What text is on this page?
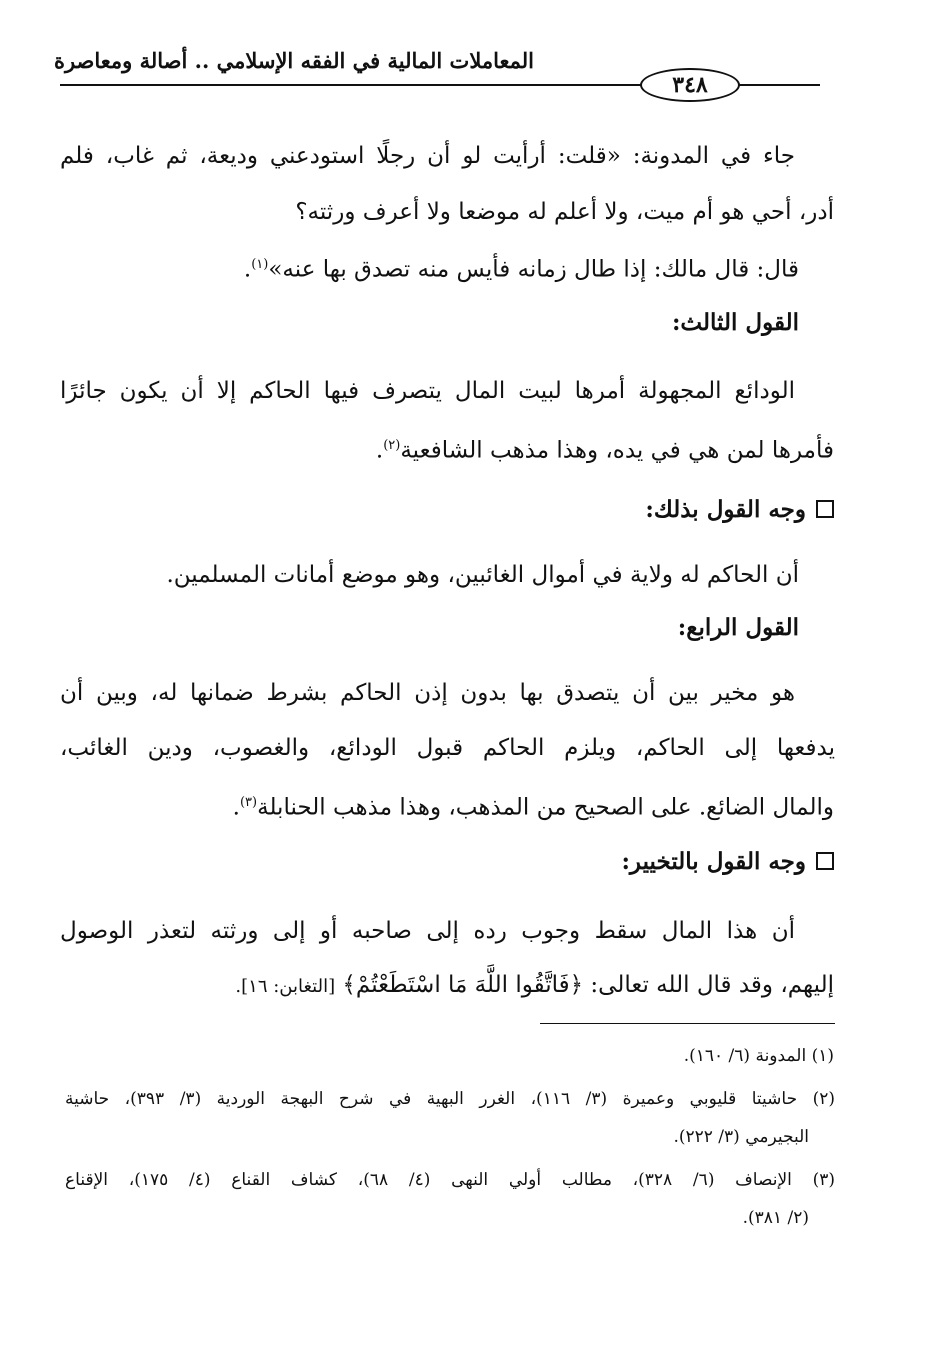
المعاملات المالية في الفقه الإسلامي .. أصالة ومعاصرة
٣٤٨
جاء في المدونة: «قلت: أرأيت لو أن رجلًا استودعني وديعة، ثم غاب، فلم
أدر، أحي هو أم ميت، ولا أعلم له موضعا ولا أعرف ورثته؟
قال: قال مالك: إذا طال زمانه فأيس منه تصدق بها عنه»$^{(١)}$.
القول الثالث:
الودائع المجهولة أمرها لبيت المال يتصرف فيها الحاكم إلا أن يكون جائرًا
فأمرها لمن هي في يده، وهذا مذهب الشافعية$^{(٢)}$.
وجه القول بذلك:
أن الحاكم له ولاية في أموال الغائبين، وهو موضع أمانات المسلمين.
القول الرابع:
هو مخير بين أن يتصدق بها بدون إذن الحاكم بشرط ضمانها له، وبين أن
يدفعها إلى الحاكم، ويلزم الحاكم قبول الودائع، والغصوب، ودين الغائب،
والمال الضائع. على الصحيح من المذهب، وهذا مذهب الحنابلة$^{(٣)}$.
وجه القول بالتخيير:
أن هذا المال سقط وجوب رده إلى صاحبه أو إلى ورثته لتعذر الوصول
إليهم، وقد قال الله تعالى: ﴿فَاتَّقُوا اللَّهَ مَا اسْتَطَعْتُمْ﴾ [التغابن: ١٦].
(١) المدونة (٦/ ١٦٠).
(٢) حاشيتا قليوبي وعميرة (٣/ ١١٦)، الغرر البهية في شرح البهجة الوردية (٣/ ٣٩٣)، حاشية
البجيرمي (٣/ ٢٢٢).
(٣) الإنصاف (٦/ ٣٢٨)، مطالب أولي النهى (٤/ ٦٨)، كشاف القناع (٤/ ١٧٥)، الإقناع
(٢/ ٣٨١).
